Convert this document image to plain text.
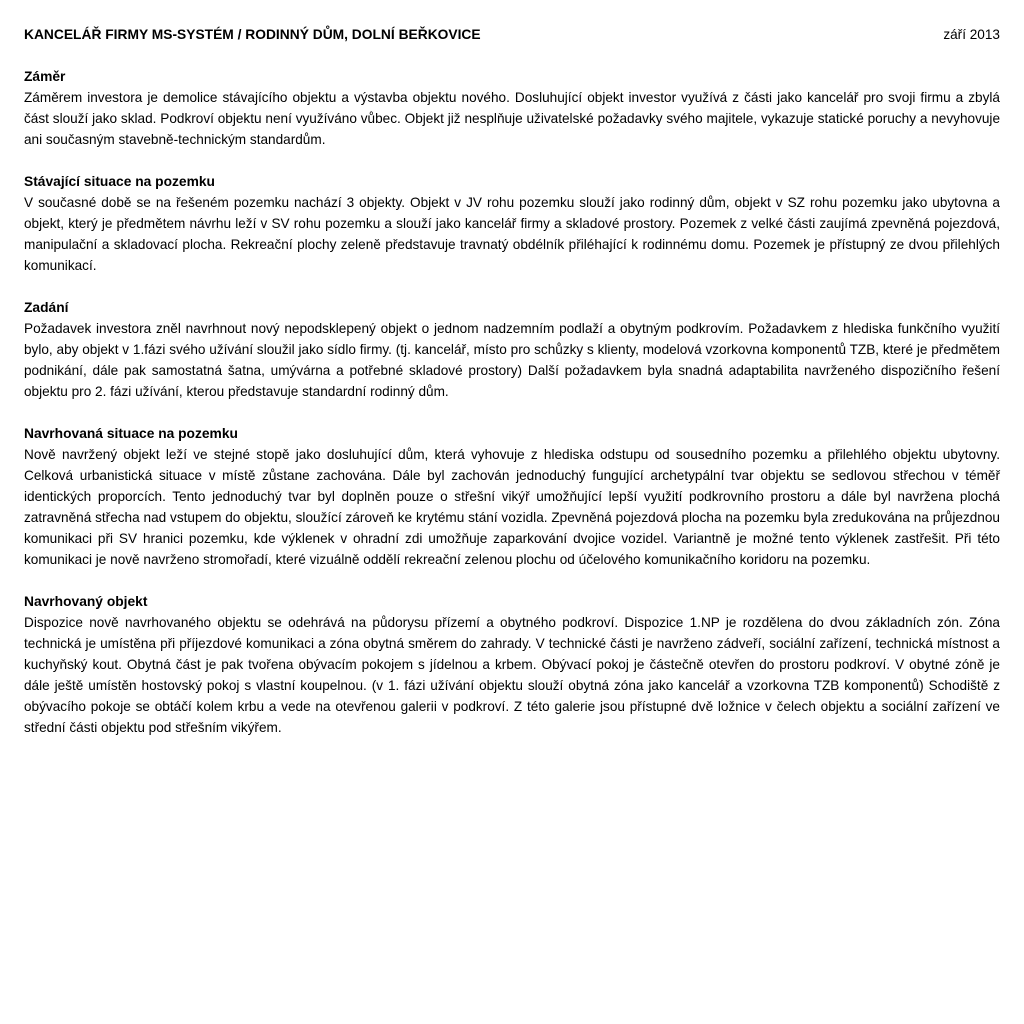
KANCELÁŘ FIRMY MS-SYSTÉM / RODINNÝ DŮM, DOLNÍ BEŘKOVICE	září 2013
Záměr

Záměrem investora je demolice stávajícího objektu a výstavba objektu nového. Dosluhující objekt investor využívá z části jako kancelář pro svoji firmu a zbylá část slouží jako sklad. Podkroví objektu není využíváno vůbec. Objekt již nesplňuje uživatelské požadavky svého majitele, vykazuje statické poruchy a nevyhovuje ani současným stavebně-technickým standardům.

Stávající situace na pozemku

V současné době se na řešeném pozemku nachází 3 objekty. Objekt v JV rohu pozemku slouží jako rodinný dům, objekt v SZ rohu pozemku jako ubytovna a objekt, který je předmětem návrhu leží v SV rohu pozemku a slouží jako kancelář firmy a skladové prostory. Pozemek z velké části zaujímá zpevněná pojezdová, manipulační a skladovací plocha. Rekreační plochy zeleně představuje travnatý obdélník přiléhající k rodinnému domu. Pozemek je přístupný ze dvou přilehlých komunikací.

Zadání

Požadavek investora zněl navrhnout nový nepodsklepený objekt o jednom nadzemním podlaží a obytným podkrovím. Požadavkem z hlediska funkčního využití bylo, aby objekt v 1.fázi svého užívání sloužil jako sídlo firmy. (tj. kancelář, místo pro schůzky s klienty, modelová vzorkovna komponentů TZB, které je předmětem podnikání, dále pak samostatná šatna, umývárna a potřebné skladové prostory) Další požadavkem byla snadná adaptabilita navrženého dispozičního řešení objektu pro 2. fázi užívání, kterou představuje standardní rodinný dům.

Navrhovaná situace na pozemku

Nově navržený objekt leží ve stejné stopě jako dosluhující dům, která vyhovuje z hlediska odstupu od sousedního pozemku a přilehlého objektu ubytovny. Celková urbanistická situace v místě zůstane zachována. Dále byl zachován jednoduchý fungující archetypální tvar objektu se sedlovou střechou v téměř identických proporcích. Tento jednoduchý tvar byl doplněn pouze o střešní vikýř umožňující lepší využití podkrovního prostoru a dále byl navržena plochá zatravněná střecha nad vstupem do objektu, sloužící zároveň ke krytému stání vozidla. Zpevněná pojezdová plocha na pozemku byla zredukována na průjezdnou komunikaci při SV hranici pozemku, kde výklenek v ohradní zdi umožňuje zaparkování dvojice vozidel. Variantně je možné tento výklenek zastřešit. Při této komunikaci je nově navrženo stromořadí, které vizuálně oddělí rekreační zelenou plochu od účelového komunikačního koridoru na pozemku.

Navrhovaný objekt

Dispozice nově navrhovaného objektu se odehrává na půdorysu přízemí a obytného podkroví. Dispozice 1.NP je rozdělena do dvou základních zón. Zóna technická je umístěna při příjezdové komunikaci a zóna obytná směrem do zahrady. V technické části je navrženo zádveří, sociální zařízení, technická místnost a kuchyňský kout. Obytná část je pak tvořena obývacím pokojem s jídelnou a krbem. Obývací pokoj je částečně otevřen do prostoru podkroví. V obytné zóně je dále ještě umístěn hostovský pokoj s vlastní koupelnou. (v 1. fázi užívání objektu slouží obytná zóna jako kancelář a vzorkovna TZB komponentů) Schodiště z obývacího pokoje se obtáčí kolem krbu a vede na otevřenou galerii v podkroví. Z této galerie jsou přístupné dvě ložnice v čelech objektu a sociální zařízení ve střední části objektu pod střešním vikýřem.
